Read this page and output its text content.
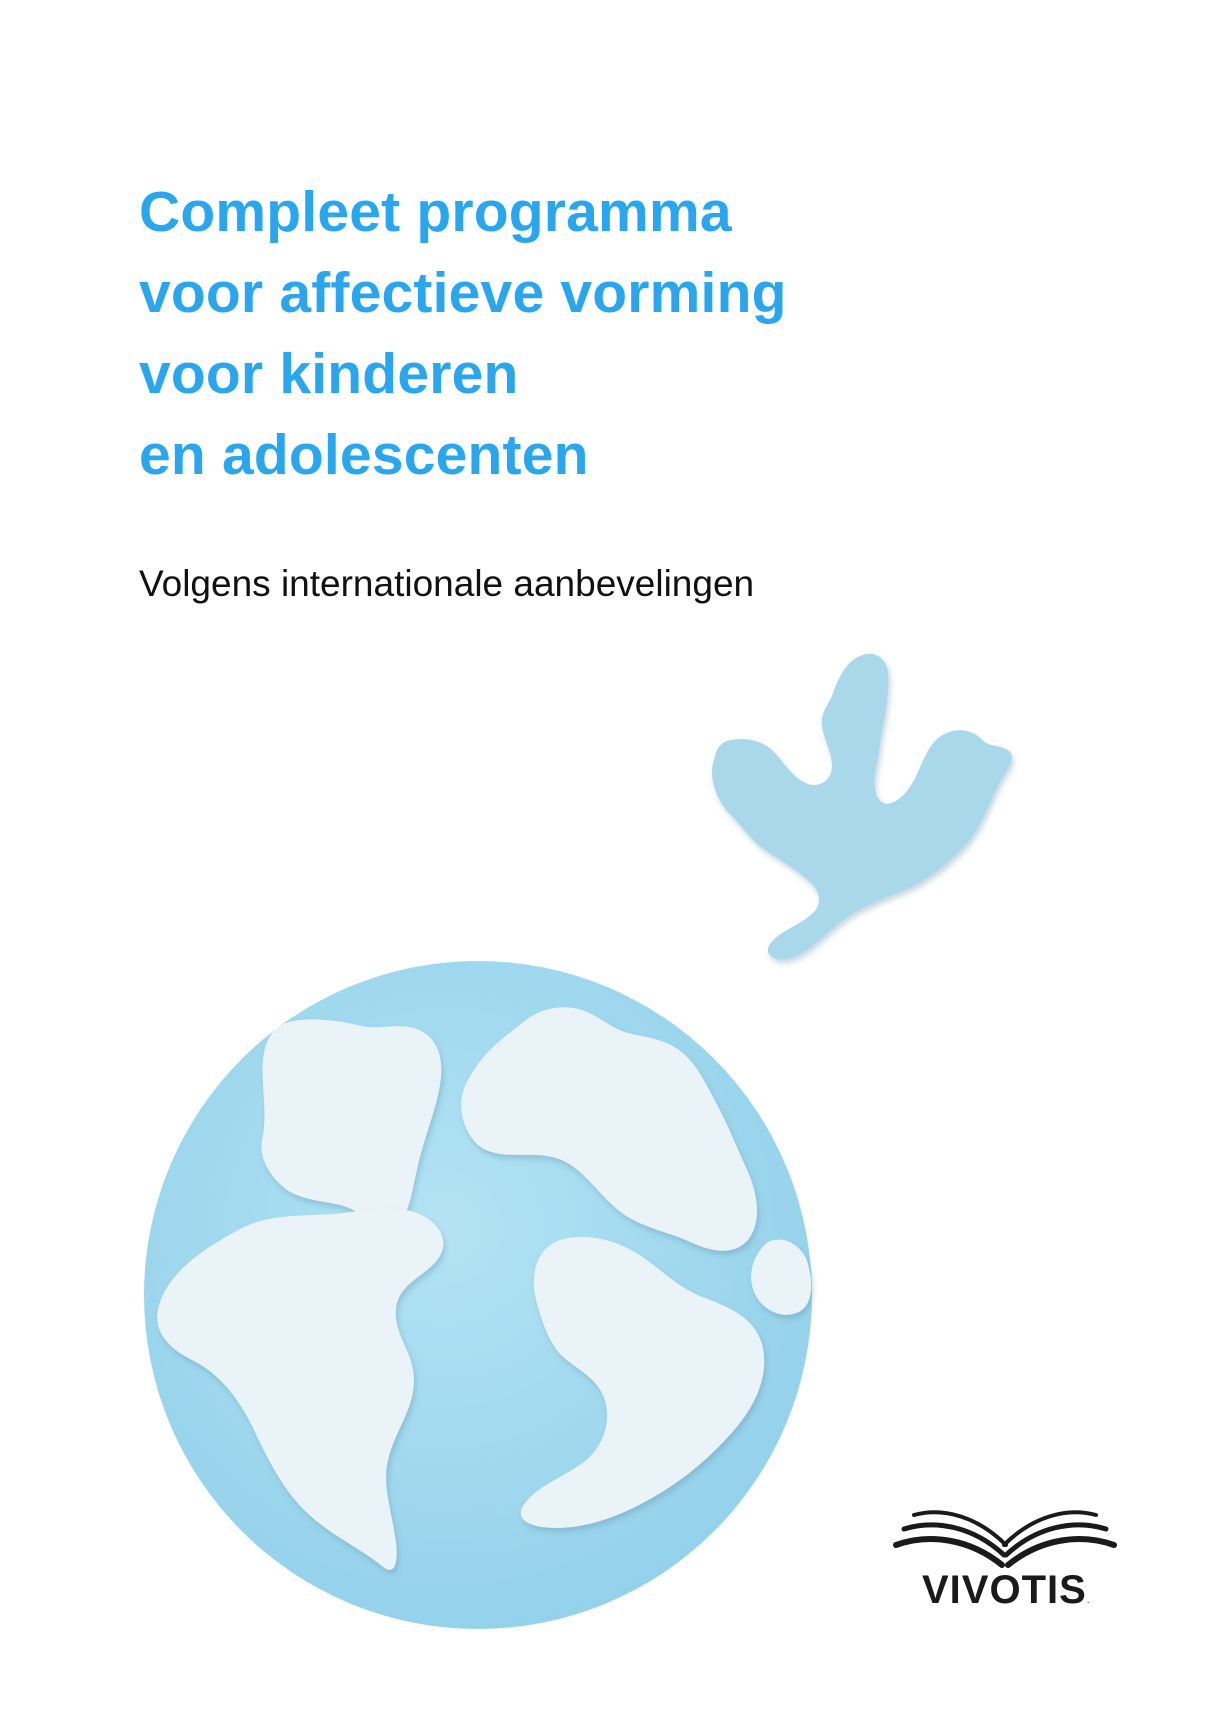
Compleet programma
voor affectieve vorming
voor kinderen
en adolescenten

Volgens internationale aanbevelingen

VIVOTIS.
